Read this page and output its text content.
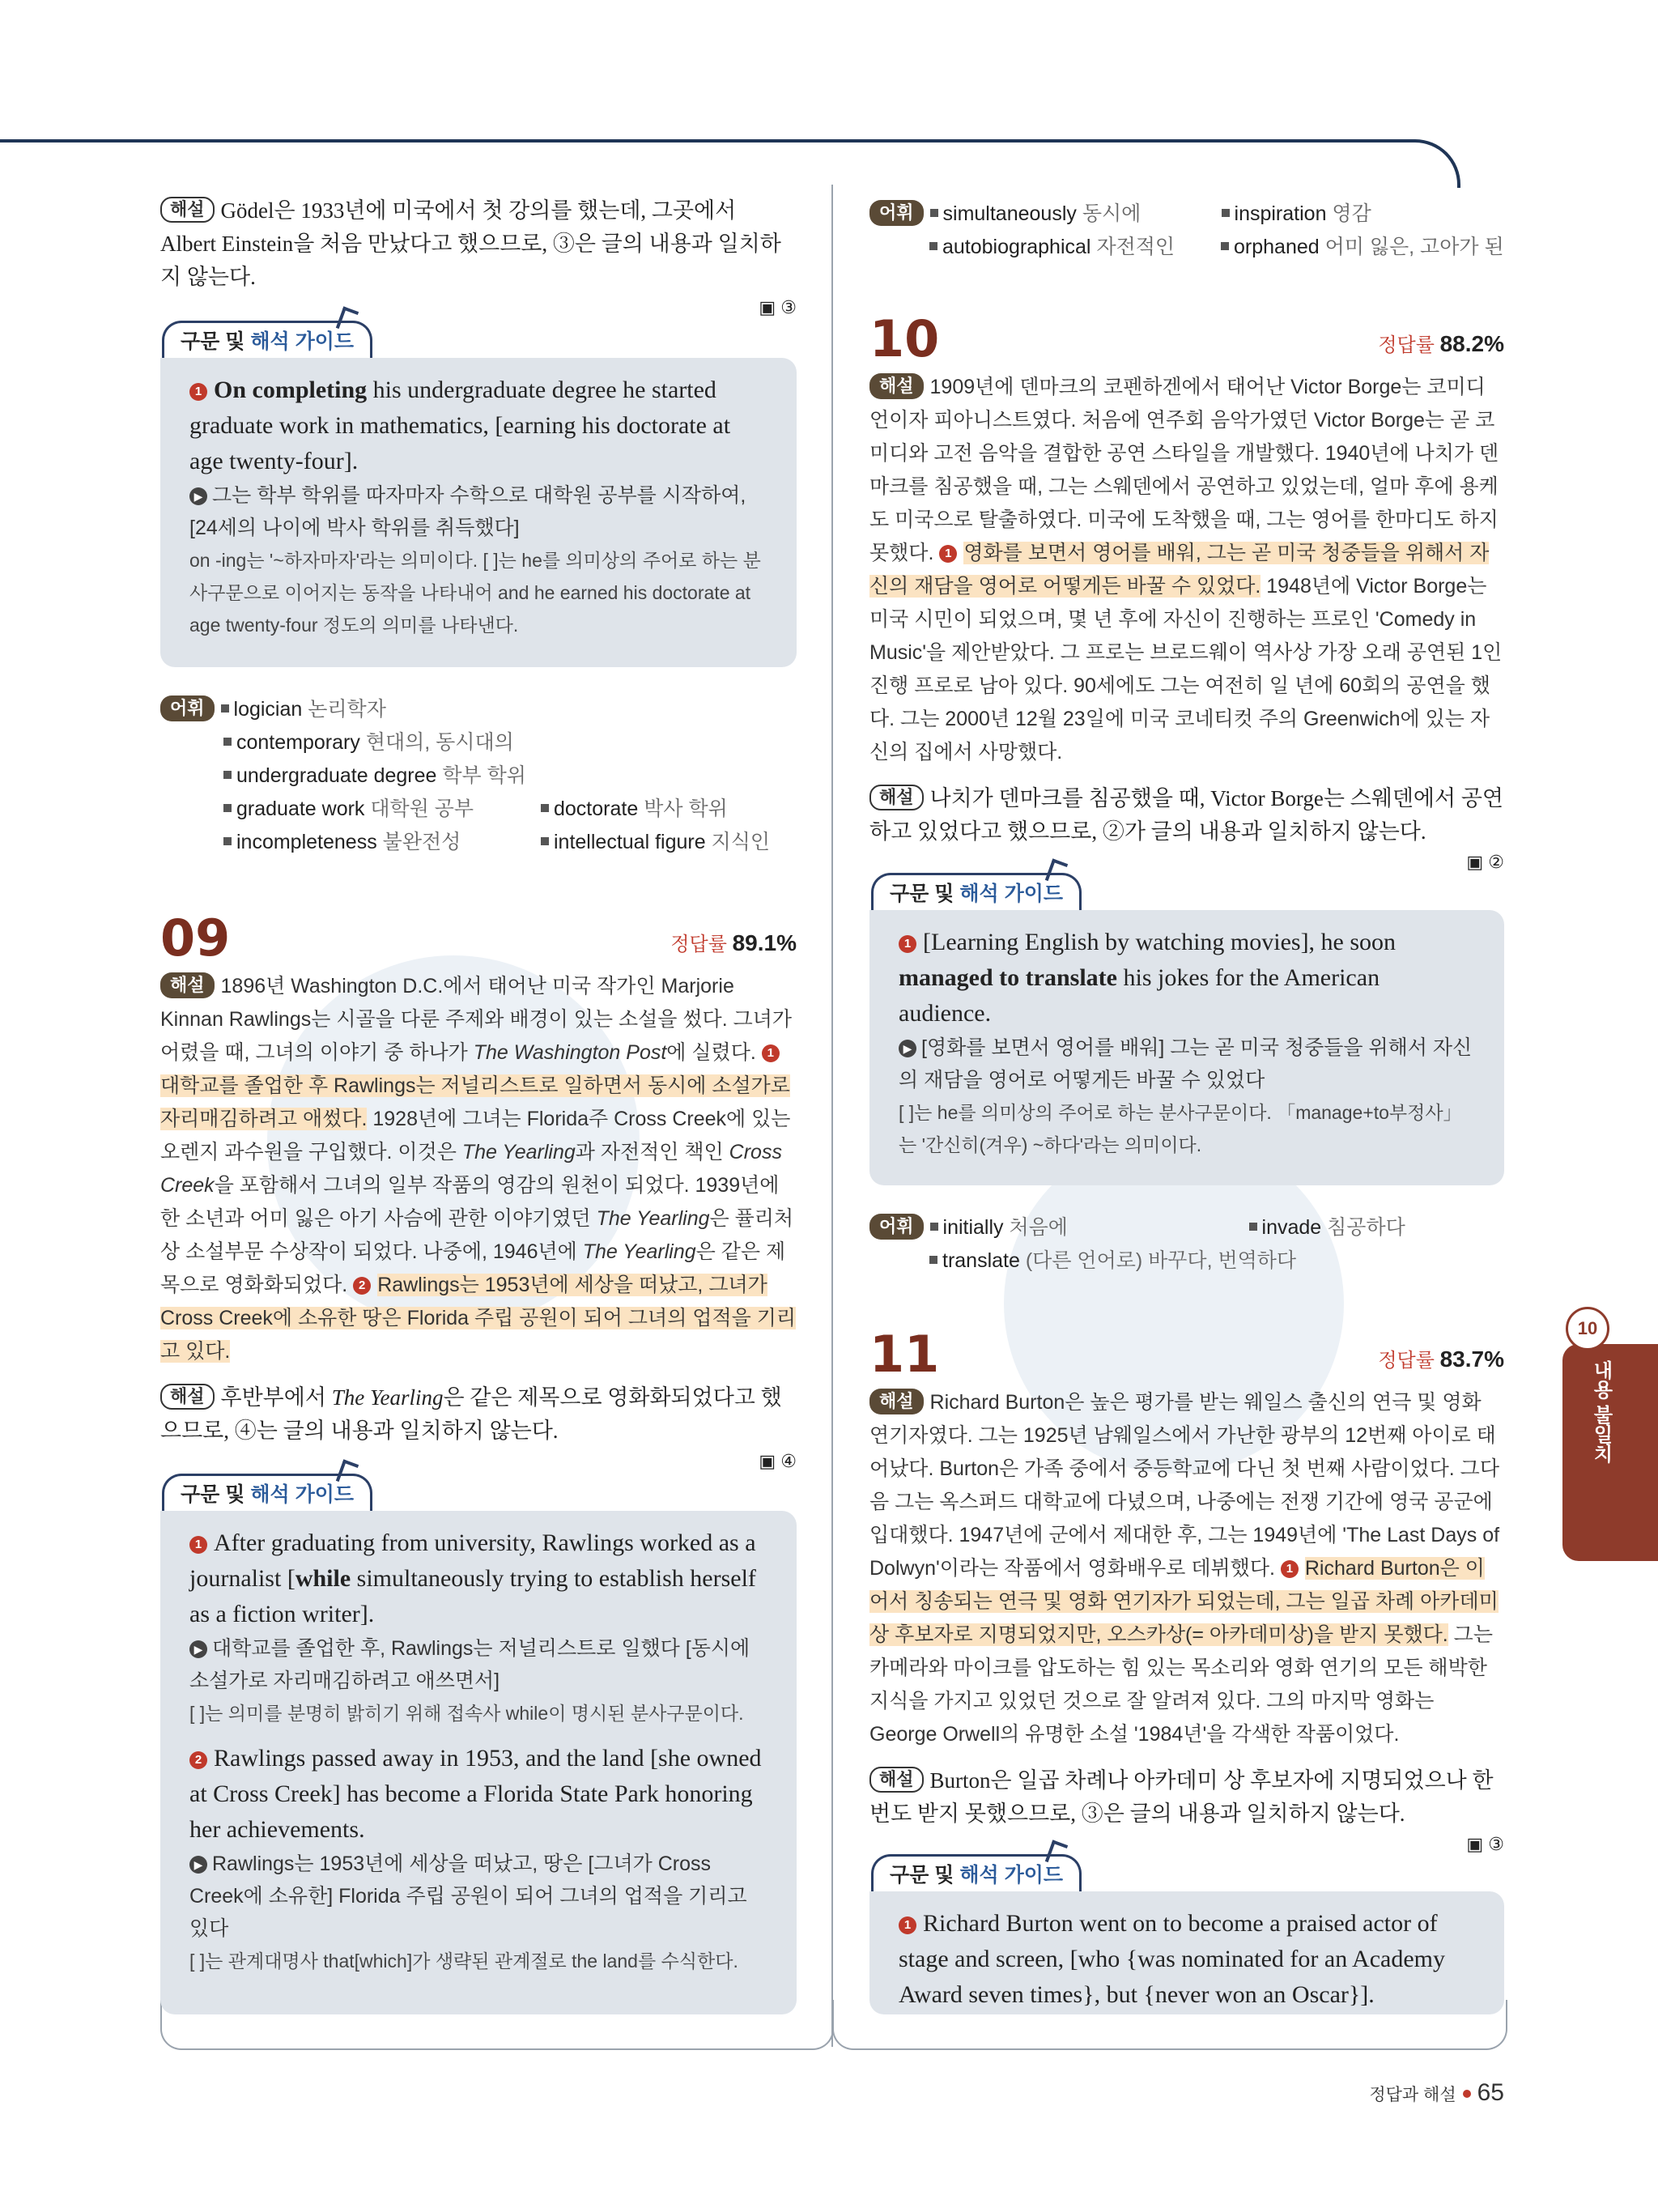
해설 Gödel은 1933년에 미국에서 첫 강의를 했는데, 그곳에서 Albert Einstein을 처음 만났다고 했으므로, ③은 글의 내용과 일치하지 않는다.

▣ ③
구문 및 해석 가이드

1 On completing his undergraduate degree he started graduate work in mathematics, [earning his doctorate at age twenty-four].

▶ 그는 학부 학위를 따자마자 수학으로 대학원 공부를 시작하여, [24세의 나이에 박사 학위를 취득했다]

on -ing는 '~하자마자'라는 의미이다. [ ]는 he를 의미상의 주어로 하는 분사구문으로 이어지는 동작을 나타내어 and he earned his doctorate at age twenty-four 정도의 의미를 나타낸다.

어휘 logician 논리학자
contemporary 현대의, 동시대의
undergraduate degree 학부 학위
graduate work 대학원 공부	doctorate 박사 학위
incompleteness 불완전성	intellectual figure 지식인
09	정답률 89.1%

해설 1896년 Washington D.C.에서 태어난 미국 작가인 Marjorie Kinnan Rawlings는 시골을 다룬 주제와 배경이 있는 소설을 썼다. 그녀가 어렸을 때, 그녀의 이야기 중 하나가 The Washington Post에 실렸다. 1대학교를 졸업한 후 Rawlings는 저널리스트로 일하면서 동시에 소설가로 자리매김하려고 애썼다. 1928년에 그녀는 Florida주 Cross Creek에 있는 오렌지 과수원을 구입했다. 이것은 The Yearling과 자전적인 책인 Cross Creek을 포함해서 그녀의 일부 작품의 영감의 원천이 되었다. 1939년에 한 소년과 어미 잃은 아기 사슴에 관한 이야기였던 The Yearling은 퓰리처상 소설부문 수상작이 되었다. 나중에, 1946년에 The Yearling은 같은 제목으로 영화화되었다. 2 Rawlings는 1953년에 세상을 떠났고, 그녀가 Cross Creek에 소유한 땅은 Florida 주립 공원이 되어 그녀의 업적을 기리고 있다.

해설 후반부에서 The Yearling은 같은 제목으로 영화화되었다고 했으므로, ④는 글의 내용과 일치하지 않는다.

▣ ④
구문 및 해석 가이드

1 After graduating from university, Rawlings worked as a journalist [while simultaneously trying to establish herself as a fiction writer].

▶ 대학교를 졸업한 후, Rawlings는 저널리스트로 일했다 [동시에 소설가로 자리매김하려고 애쓰면서]

[ ]는 의미를 분명히 밝히기 위해 접속사 while이 명시된 분사구문이다.

2 Rawlings passed away in 1953, and the land [she owned at Cross Creek] has become a Florida State Park honoring her achievements.

▶ Rawlings는 1953년에 세상을 떠났고, 땅은 [그녀가 Cross Creek에 소유한] Florida 주립 공원이 되어 그녀의 업적을 기리고 있다

[ ]는 관계대명사 that[which]가 생략된 관계절로 the land를 수식한다.

어휘 simultaneously 동시에	inspiration 영감
autobiographical 자전적인	orphaned 어미 잃은, 고아가 된
10	정답률 88.2%

해설 1909년에 덴마크의 코펜하겐에서 태어난 Victor Borge는 코미디언이자 피아니스트였다. 처음에 연주회 음악가였던 Victor Borge는 곧 코미디와 고전 음악을 결합한 공연 스타일을 개발했다. 1940년에 나치가 덴마크를 침공했을 때, 그는 스웨덴에서 공연하고 있었는데, 얼마 후에 용케도 미국으로 탈출하였다. 미국에 도착했을 때, 그는 영어를 한마디도 하지 못했다. 1 영화를 보면서 영어를 배워, 그는 곧 미국 청중들을 위해서 자신의 재담을 영어로 어떻게든 바꿀 수 있었다. 1948년에 Victor Borge는 미국 시민이 되었으며, 몇 년 후에 자신이 진행하는 프로인 'Comedy in Music'을 제안받았다. 그 프로는 브로드웨이 역사상 가장 오래 공연된 1인 진행 프로로 남아 있다. 90세에도 그는 여전히 일 년에 60회의 공연을 했다. 그는 2000년 12월 23일에 미국 코네티컷 주의 Greenwich에 있는 자신의 집에서 사망했다.

해설 나치가 덴마크를 침공했을 때, Victor Borge는 스웨덴에서 공연하고 있었다고 했으므로, ②가 글의 내용과 일치하지 않는다.

▣ ②
구문 및 해석 가이드

1 [Learning English by watching movies], he soon managed to translate his jokes for the American audience.

▶ [영화를 보면서 영어를 배워] 그는 곧 미국 청중들을 위해서 자신의 재담을 영어로 어떻게든 바꿀 수 있었다

[ ]는 he를 의미상의 주어로 하는 분사구문이다. 「manage+to부정사」는 '간신히(겨우) ~하다'라는 의미이다.

어휘 initially 처음에	invade 침공하다
translate (다른 언어로) 바꾸다, 번역하다
11	정답률 83.7%

해설 Richard Burton은 높은 평가를 받는 웨일스 출신의 연극 및 영화 연기자였다. 그는 1925년 남웨일스에서 가난한 광부의 12번째 아이로 태어났다. Burton은 가족 중에서 중등학교에 다닌 첫 번째 사람이었다. 그다음 그는 옥스퍼드 대학교에 다녔으며, 나중에는 전쟁 기간에 영국 공군에 입대했다. 1947년에 군에서 제대한 후, 그는 1949년에 'The Last Days of Dolwyn'이라는 작품에서 영화배우로 데뷔했다. 1 Richard Burton은 이어서 칭송되는 연극 및 영화 연기자가 되었는데, 그는 일곱 차례 아카데미상 후보자로 지명되었지만, 오스카상(= 아카데미상)을 받지 못했다. 그는 카메라와 마이크를 압도하는 힘 있는 목소리와 영화 연기의 모든 해박한 지식을 가지고 있었던 것으로 잘 알려져 있다. 그의 마지막 영화는 George Orwell의 유명한 소설 '1984년'을 각색한 작품이었다.

해설 Burton은 일곱 차례나 아카데미 상 후보자에 지명되었으나 한 번도 받지 못했으므로, ③은 글의 내용과 일치하지 않는다.

▣ ③
구문 및 해석 가이드

1 Richard Burton went on to become a praised actor of stage and screen, [who {was nominated for an Academy Award seven times}, but {never won an Oscar}].

10
내용 불일치
정답과 해설 65
